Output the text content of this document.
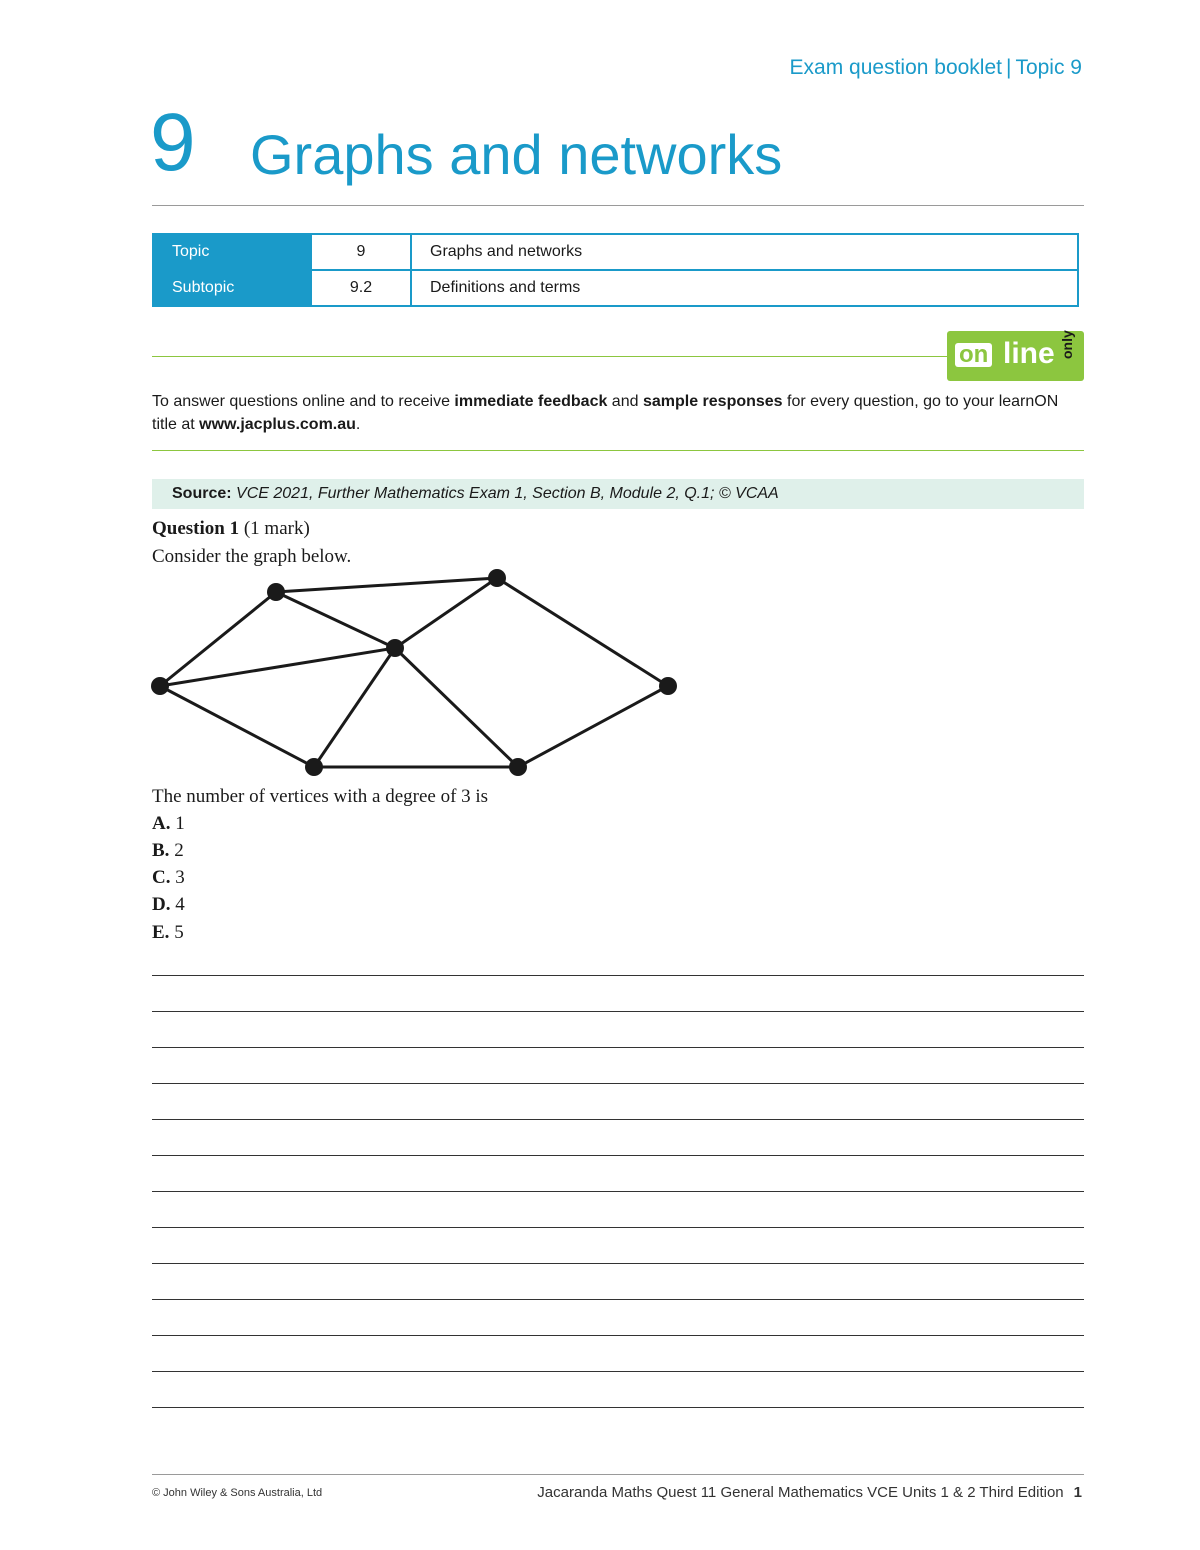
Exam question booklet | Topic 9
9 Graphs and networks
Topic	9	Graphs and networks
Subtopic	9.2	Definitions and terms
on line only
To answer questions online and to receive immediate feedback and sample responses for every question, go to your learnON title at www.jacplus.com.au.
Source: VCE 2021, Further Mathematics Exam 1, Section B, Module 2, Q.1; © VCAA
Question 1 (1 mark)
Consider the graph below.
The number of vertices with a degree of 3 is
A. 1
B. 2
C. 3
D. 4
E. 5
© John Wiley & Sons Australia, Ltd	Jacaranda Maths Quest 11 General Mathematics VCE Units 1 & 2 Third Edition 1
